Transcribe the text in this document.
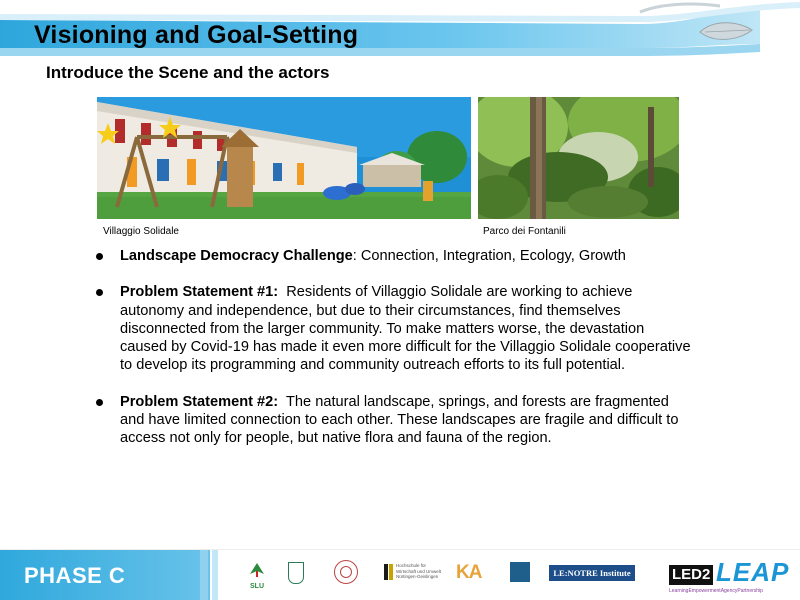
Visioning and Goal-Setting
Introduce the Scene and the actors
Villaggio Solidale	Parco dei Fontanili
Landscape Democracy Challenge: Connection, Integration, Ecology, Growth
Problem Statement #1: Residents of Villaggio Solidale are working to achieve autonomy and independence, but due to their circumstances, find themselves disconnected from the larger community. To make matters worse, the devastation caused by Covid-19 has made it even more difficult for the Villaggio Solidale cooperative to develop its programming and community outreach efforts to its full potential.
Problem Statement #2: The natural landscape, springs, and forests are fragmented and have limited connection to each other. These landscapes are fragile and difficult to access not only for people, but native flora and fauna of the region.
PHASE C	SLU
Hochschule für Wirtschaft und Umwelt Nürtingen-Geislingen KA	LE:NOTRE Institute	LED2 LEAP
LearningEmpowermentAgencyPartnership
